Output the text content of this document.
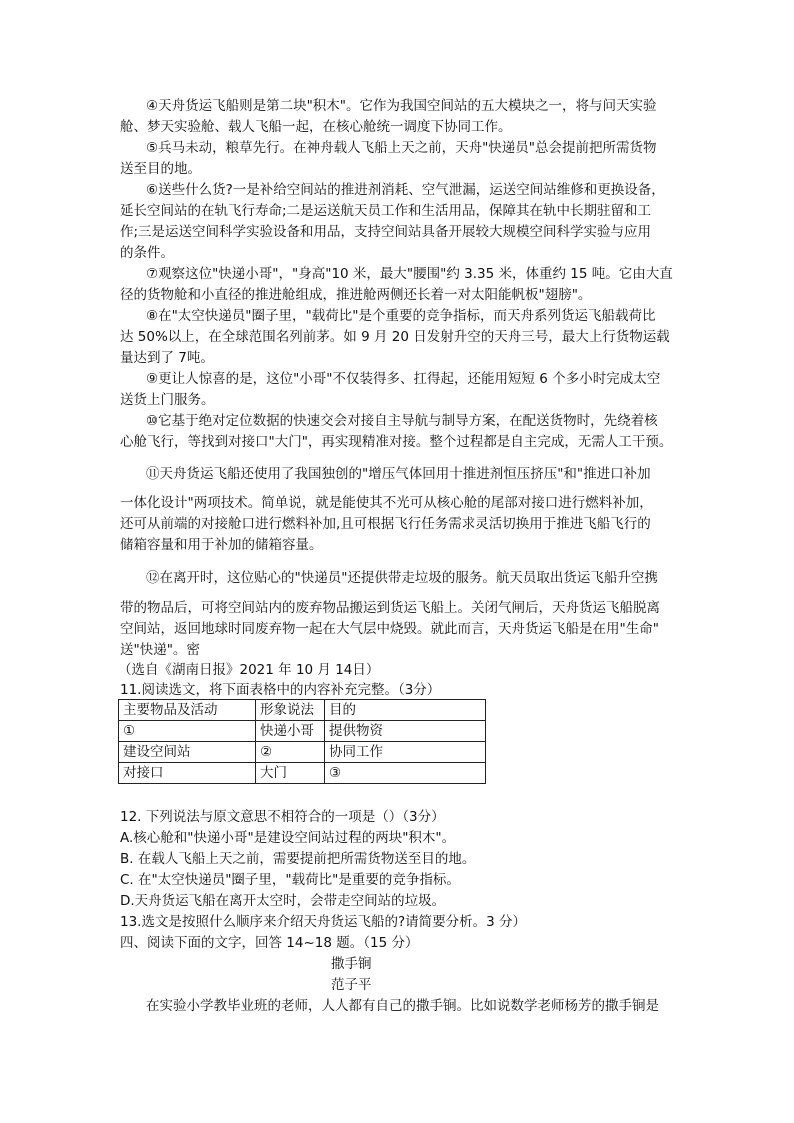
④天舟货运飞船则是第二块"积木"。它作为我国空间站的五大模块之一，将与问天实验
舱、梦天实验舱、载人飞船一起，在核心舱统一调度下协同工作。
⑤兵马未动，粮草先行。在神舟载人飞船上天之前，天舟"快递员"总会提前把所需货物
送至目的地。
⑥送些什么货?一是补给空间站的推进剂消耗、空气泄漏，运送空间站维修和更换设备，
延长空间站的在轨飞行寿命;二是运送航天员工作和生活用品，保障其在轨中长期驻留和工
作;三是运送空间科学实验设备和用品，支持空间站具备开展较大规模空间科学实验与应用
的条件。
⑦观察这位"快递小哥"，"身高"10 米，最大"腰围"约 3.35 米，体重约 15 吨。它由大直
径的货物舱和小直径的推进舱组成，推进舱两侧还长着一对太阳能帆板"翅膀"。
⑧在"太空快递员"圈子里，"载荷比"是个重要的竞争指标，而天舟系列货运飞船载荷比
达 50%以上，在全球范围名列前茅。如 9 月 20 日发射升空的天舟三号，最大上行货物运载
量达到了 7吨。
⑨更让人惊喜的是，这位"小哥"不仅装得多、扛得起，还能用短短 6 个多小时完成太空
送货上门服务。
⑩它基于绝对定位数据的快速交会对接自主导航与制导方案，在配送货物时，先绕着核
心舱飞行，等找到对接口"大门"，再实现精准对接。整个过程都是自主完成，无需人工干预。
⑪天舟货运飞船还使用了我国独创的"增压气体回用十推进剂恒压挤压"和"推进口补加
一体化设计"两项技术。简单说，就是能使其不光可从核心舱的尾部对接口进行燃料补加，
还可从前端的对接舱口进行燃料补加,且可根据飞行任务需求灵活切换用于推进飞船飞行的
储箱容量和用于补加的储箱容量。
⑫在离开时，这位贴心的"快递员"还提供带走垃圾的服务。航天员取出货运飞船升空携
带的物品后，可将空间站内的废弃物品搬运到货运飞船上。关闭气闸后，天舟货运飞船脱离
空间站，返回地球时同废弃物一起在大气层中烧毁。就此而言，天舟货运飞船是在用"生命"
送"快递"。密
（选自《湖南日报》2021 年 10 月 14日）
11.阅读选文，将下面表格中的内容补充完整。（3分）
主要物品及活动	形象说法	目的
①	快递小哥	提供物资
建设空间站	②	协同工作
对接口	大门	③
12. 下列说法与原文意思不相符合的一项是（）（3分）
A.核心舱和"快递小哥"是建设空间站过程的两块"积木"。
B. 在载人飞船上天之前，需要提前把所需货物送至目的地。
C. 在"太空快递员"圈子里，"载荷比"是重要的竞争指标。
D.天舟货运飞船在离开太空时，会带走空间站的垃圾。
13.选文是按照什么顺序来介绍天舟货运飞船的?请简要分析。3 分）
四、阅读下面的文字，回答 14~18 题。（15 分）
撒手锏
范子平
在实验小学教毕业班的老师，人人都有自己的撒手锏。比如说数学老师杨芳的撒手锏是
